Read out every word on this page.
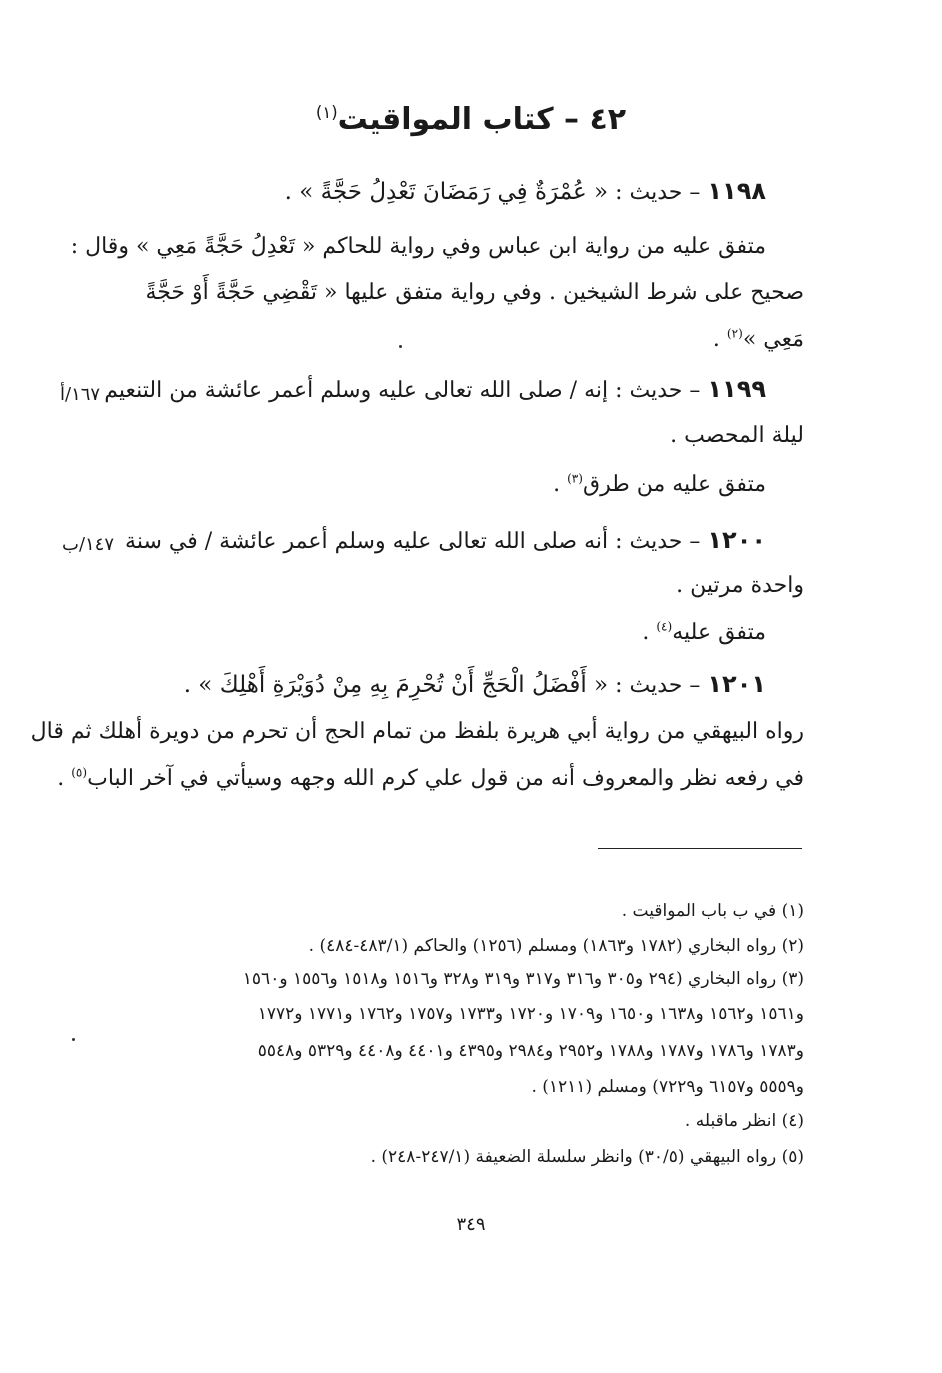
٤٢ – كتاب المواقيت$^{(١)}$
١١٩٨ – حديث : « عُمْرَةٌ فِي رَمَضَانَ تَعْدِلُ حَجَّةً » .
متفق عليه من رواية ابن عباس وفي رواية للحاكم « تَعْدِلُ حَجَّةً مَعِي » وقال :
صحيح على شرط الشيخين . وفي رواية متفق عليها « تَقْضِي حَجَّةً أَوْ حَجَّةً
مَعِي »$^{(٢)}$ .
١١٩٩ – حديث : إنه / صلى الله تعالى عليه وسلم أعمر عائشة من التنعيم
١٦٧/أ
ليلة المحصب .
متفق عليه من طرق$^{(٣)}$ .
١٢٠٠ – حديث : أنه صلى الله تعالى عليه وسلم أعمر عائشة / في سنة
١٤٧/ب
واحدة مرتين .
متفق عليه$^{(٤)}$ .
١٢٠١ – حديث : « أَفْضَلُ الْحَجِّ أَنْ تُحْرِمَ بِهِ مِنْ دُوَيْرَةِ أَهْلِكَ » .
رواه البيهقي من رواية أبي هريرة بلفظ من تمام الحج أن تحرم من دويرة أهلك ثم قال
في رفعه نظر والمعروف أنه من قول علي كرم الله وجهه وسيأتي في آخر الباب$^{(٥)}$ .
(١) في ب باب المواقيت .
(٢) رواه البخاري (١٧٨٢ و١٨٦٣) ومسلم (١٢٥٦) والحاكم (٤٨٣/١-٤٨٤) .
(٣) رواه البخاري (٢٩٤ و٣٠٥ و٣١٦ و٣١٧ و٣١٩ و٣٢٨ و١٥١٦ و١٥١٨ و١٥٥٦ و١٥٦٠
و١٥٦١ و١٥٦٢ و١٦٣٨ و١٦٥٠ و١٧٠٩ و١٧٢٠ و١٧٣٣ و١٧٥٧ و١٧٦٢ و١٧٧١ و١٧٧٢
و١٧٨٣ و١٧٨٦ و١٧٨٧ و١٧٨٨ و٢٩٥٢ و٢٩٨٤ و٤٣٩٥ و٤٤٠١ و٤٤٠٨ و٥٣٢٩ و٥٥٤٨
و٥٥٥٩ و٦١٥٧ و٧٢٢٩) ومسلم (١٢١١) .
(٤) انظر ماقبله .
(٥) رواه البيهقي (٣٠/٥) وانظر سلسلة الضعيفة (٢٤٧/١-٢٤٨) .
٣٤٩
